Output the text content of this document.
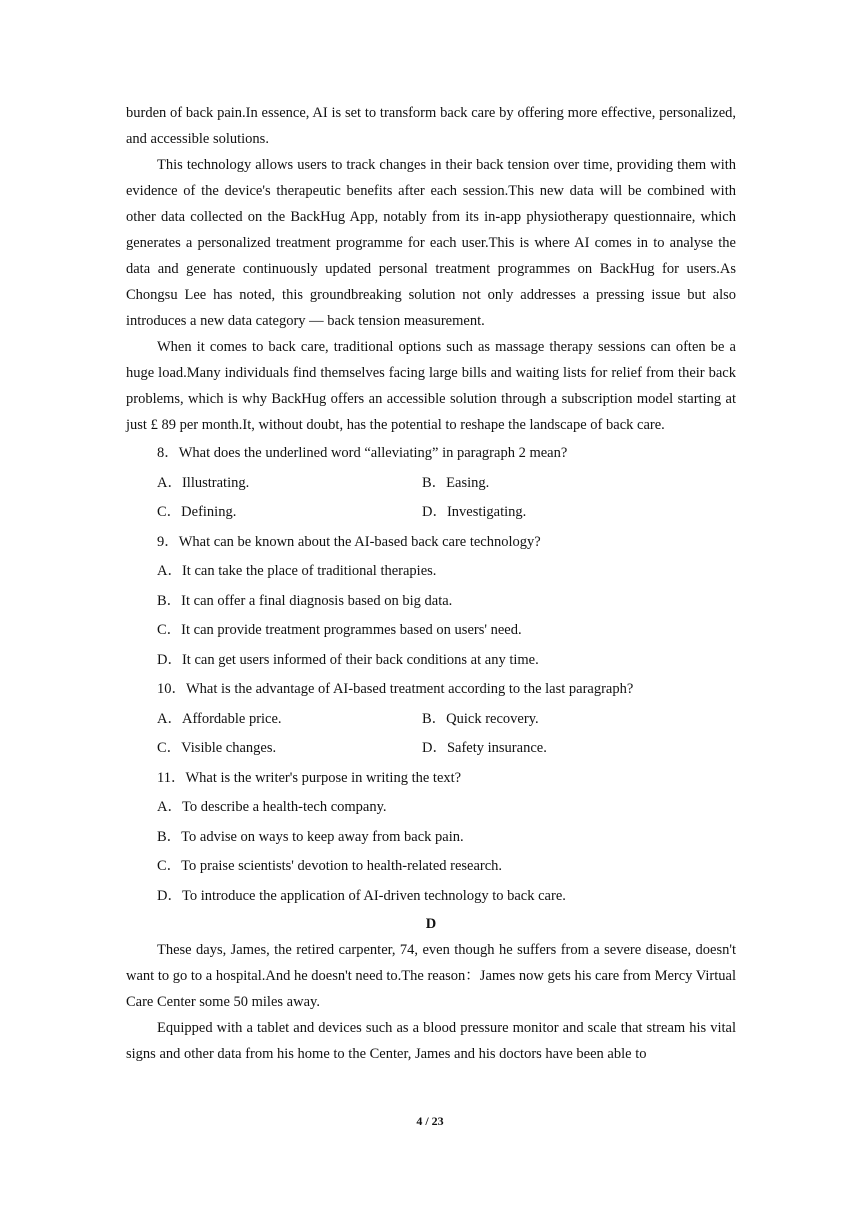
burden of back pain.In essence, AI is set to transform back care by offering more effective, personalized, and accessible solutions.

This technology allows users to track changes in their back tension over time, providing them with evidence of the device's therapeutic benefits after each session.This new data will be combined with other data collected on the BackHug App, notably from its in-app physiotherapy questionnaire, which generates a personalized treatment programme for each user.This is where AI comes in to analyse the data and generate continuously updated personal treatment programmes on BackHug for users.As Chongsu Lee has noted, this groundbreaking solution not only addresses a pressing issue but also introduces a new data category — back tension measurement.

When it comes to back care, traditional options such as massage therapy sessions can often be a huge load.Many individuals find themselves facing large bills and waiting lists for relief from their back problems, which is why BackHug offers an accessible solution through a subscription model starting at just £ 89 per month.It, without doubt, has the potential to reshape the landscape of back care.

8．What does the underlined word “alleviating” in paragraph 2 mean?

A．Illustrating.	B．Easing.
C．Defining.	D．Investigating.

9．What can be known about the AI-based back care technology?

A．It can take the place of traditional therapies.
B．It can offer a final diagnosis based on big data.
C．It can provide treatment programmes based on users' need.
D．It can get users informed of their back conditions at any time.

10．What is the advantage of AI-based treatment according to the last paragraph?

A．Affordable price.	B．Quick recovery.
C．Visible changes.	D．Safety insurance.

11．What is the writer's purpose in writing the text?

A．To describe a health-tech company.
B．To advise on ways to keep away from back pain.
C．To praise scientists' devotion to health-related research.
D．To introduce the application of AI-driven technology to back care.

D

These days, James, the retired carpenter, 74, even though he suffers from a severe disease, doesn't want to go to a hospital.And he doesn't need to.The reason：James now gets his care from Mercy Virtual Care Center some 50 miles away.

Equipped with a tablet and devices such as a blood pressure monitor and scale that stream his vital signs and other data from his home to the Center, James and his doctors have been able to

4 / 23
